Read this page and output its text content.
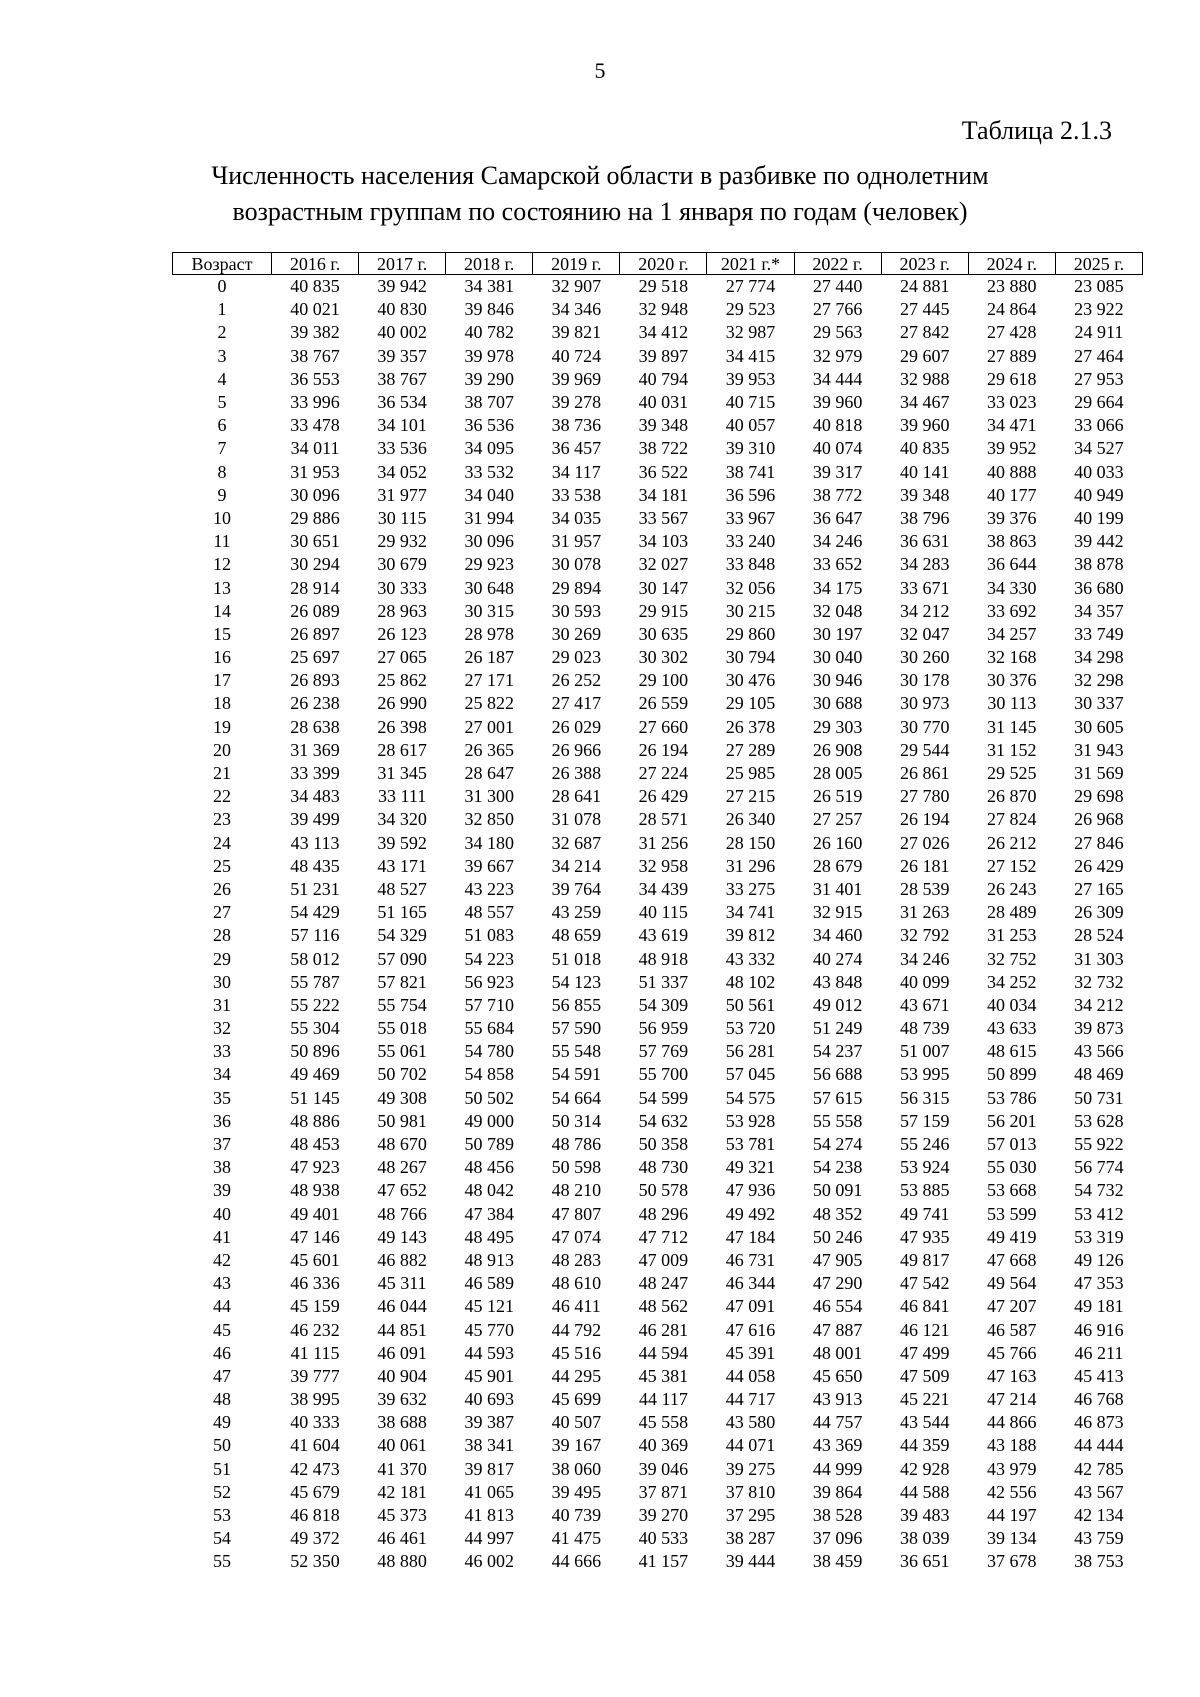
5
Таблица 2.1.3
Численность населения Самарской области в разбивке по однолетним
возрастным группам по состоянию на 1 января по годам (человек)
Возраст	2016 г.	2017 г.	2018 г.	2019 г.	2020 г.	2021 г.*	2022 г.	2023 г.	2024 г.	2025 г.
0	40 835	39 942	34 381	32 907	29 518	27 774	27 440	24 881	23 880	23 085
1	40 021	40 830	39 846	34 346	32 948	29 523	27 766	27 445	24 864	23 922
2	39 382	40 002	40 782	39 821	34 412	32 987	29 563	27 842	27 428	24 911
3	38 767	39 357	39 978	40 724	39 897	34 415	32 979	29 607	27 889	27 464
4	36 553	38 767	39 290	39 969	40 794	39 953	34 444	32 988	29 618	27 953
5	33 996	36 534	38 707	39 278	40 031	40 715	39 960	34 467	33 023	29 664
6	33 478	34 101	36 536	38 736	39 348	40 057	40 818	39 960	34 471	33 066
7	34 011	33 536	34 095	36 457	38 722	39 310	40 074	40 835	39 952	34 527
8	31 953	34 052	33 532	34 117	36 522	38 741	39 317	40 141	40 888	40 033
9	30 096	31 977	34 040	33 538	34 181	36 596	38 772	39 348	40 177	40 949
10	29 886	30 115	31 994	34 035	33 567	33 967	36 647	38 796	39 376	40 199
11	30 651	29 932	30 096	31 957	34 103	33 240	34 246	36 631	38 863	39 442
12	30 294	30 679	29 923	30 078	32 027	33 848	33 652	34 283	36 644	38 878
13	28 914	30 333	30 648	29 894	30 147	32 056	34 175	33 671	34 330	36 680
14	26 089	28 963	30 315	30 593	29 915	30 215	32 048	34 212	33 692	34 357
15	26 897	26 123	28 978	30 269	30 635	29 860	30 197	32 047	34 257	33 749
16	25 697	27 065	26 187	29 023	30 302	30 794	30 040	30 260	32 168	34 298
17	26 893	25 862	27 171	26 252	29 100	30 476	30 946	30 178	30 376	32 298
18	26 238	26 990	25 822	27 417	26 559	29 105	30 688	30 973	30 113	30 337
19	28 638	26 398	27 001	26 029	27 660	26 378	29 303	30 770	31 145	30 605
20	31 369	28 617	26 365	26 966	26 194	27 289	26 908	29 544	31 152	31 943
21	33 399	31 345	28 647	26 388	27 224	25 985	28 005	26 861	29 525	31 569
22	34 483	33 111	31 300	28 641	26 429	27 215	26 519	27 780	26 870	29 698
23	39 499	34 320	32 850	31 078	28 571	26 340	27 257	26 194	27 824	26 968
24	43 113	39 592	34 180	32 687	31 256	28 150	26 160	27 026	26 212	27 846
25	48 435	43 171	39 667	34 214	32 958	31 296	28 679	26 181	27 152	26 429
26	51 231	48 527	43 223	39 764	34 439	33 275	31 401	28 539	26 243	27 165
27	54 429	51 165	48 557	43 259	40 115	34 741	32 915	31 263	28 489	26 309
28	57 116	54 329	51 083	48 659	43 619	39 812	34 460	32 792	31 253	28 524
29	58 012	57 090	54 223	51 018	48 918	43 332	40 274	34 246	32 752	31 303
30	55 787	57 821	56 923	54 123	51 337	48 102	43 848	40 099	34 252	32 732
31	55 222	55 754	57 710	56 855	54 309	50 561	49 012	43 671	40 034	34 212
32	55 304	55 018	55 684	57 590	56 959	53 720	51 249	48 739	43 633	39 873
33	50 896	55 061	54 780	55 548	57 769	56 281	54 237	51 007	48 615	43 566
34	49 469	50 702	54 858	54 591	55 700	57 045	56 688	53 995	50 899	48 469
35	51 145	49 308	50 502	54 664	54 599	54 575	57 615	56 315	53 786	50 731
36	48 886	50 981	49 000	50 314	54 632	53 928	55 558	57 159	56 201	53 628
37	48 453	48 670	50 789	48 786	50 358	53 781	54 274	55 246	57 013	55 922
38	47 923	48 267	48 456	50 598	48 730	49 321	54 238	53 924	55 030	56 774
39	48 938	47 652	48 042	48 210	50 578	47 936	50 091	53 885	53 668	54 732
40	49 401	48 766	47 384	47 807	48 296	49 492	48 352	49 741	53 599	53 412
41	47 146	49 143	48 495	47 074	47 712	47 184	50 246	47 935	49 419	53 319
42	45 601	46 882	48 913	48 283	47 009	46 731	47 905	49 817	47 668	49 126
43	46 336	45 311	46 589	48 610	48 247	46 344	47 290	47 542	49 564	47 353
44	45 159	46 044	45 121	46 411	48 562	47 091	46 554	46 841	47 207	49 181
45	46 232	44 851	45 770	44 792	46 281	47 616	47 887	46 121	46 587	46 916
46	41 115	46 091	44 593	45 516	44 594	45 391	48 001	47 499	45 766	46 211
47	39 777	40 904	45 901	44 295	45 381	44 058	45 650	47 509	47 163	45 413
48	38 995	39 632	40 693	45 699	44 117	44 717	43 913	45 221	47 214	46 768
49	40 333	38 688	39 387	40 507	45 558	43 580	44 757	43 544	44 866	46 873
50	41 604	40 061	38 341	39 167	40 369	44 071	43 369	44 359	43 188	44 444
51	42 473	41 370	39 817	38 060	39 046	39 275	44 999	42 928	43 979	42 785
52	45 679	42 181	41 065	39 495	37 871	37 810	39 864	44 588	42 556	43 567
53	46 818	45 373	41 813	40 739	39 270	37 295	38 528	39 483	44 197	42 134
54	49 372	46 461	44 997	41 475	40 533	38 287	37 096	38 039	39 134	43 759
55	52 350	48 880	46 002	44 666	41 157	39 444	38 459	36 651	37 678	38 753
